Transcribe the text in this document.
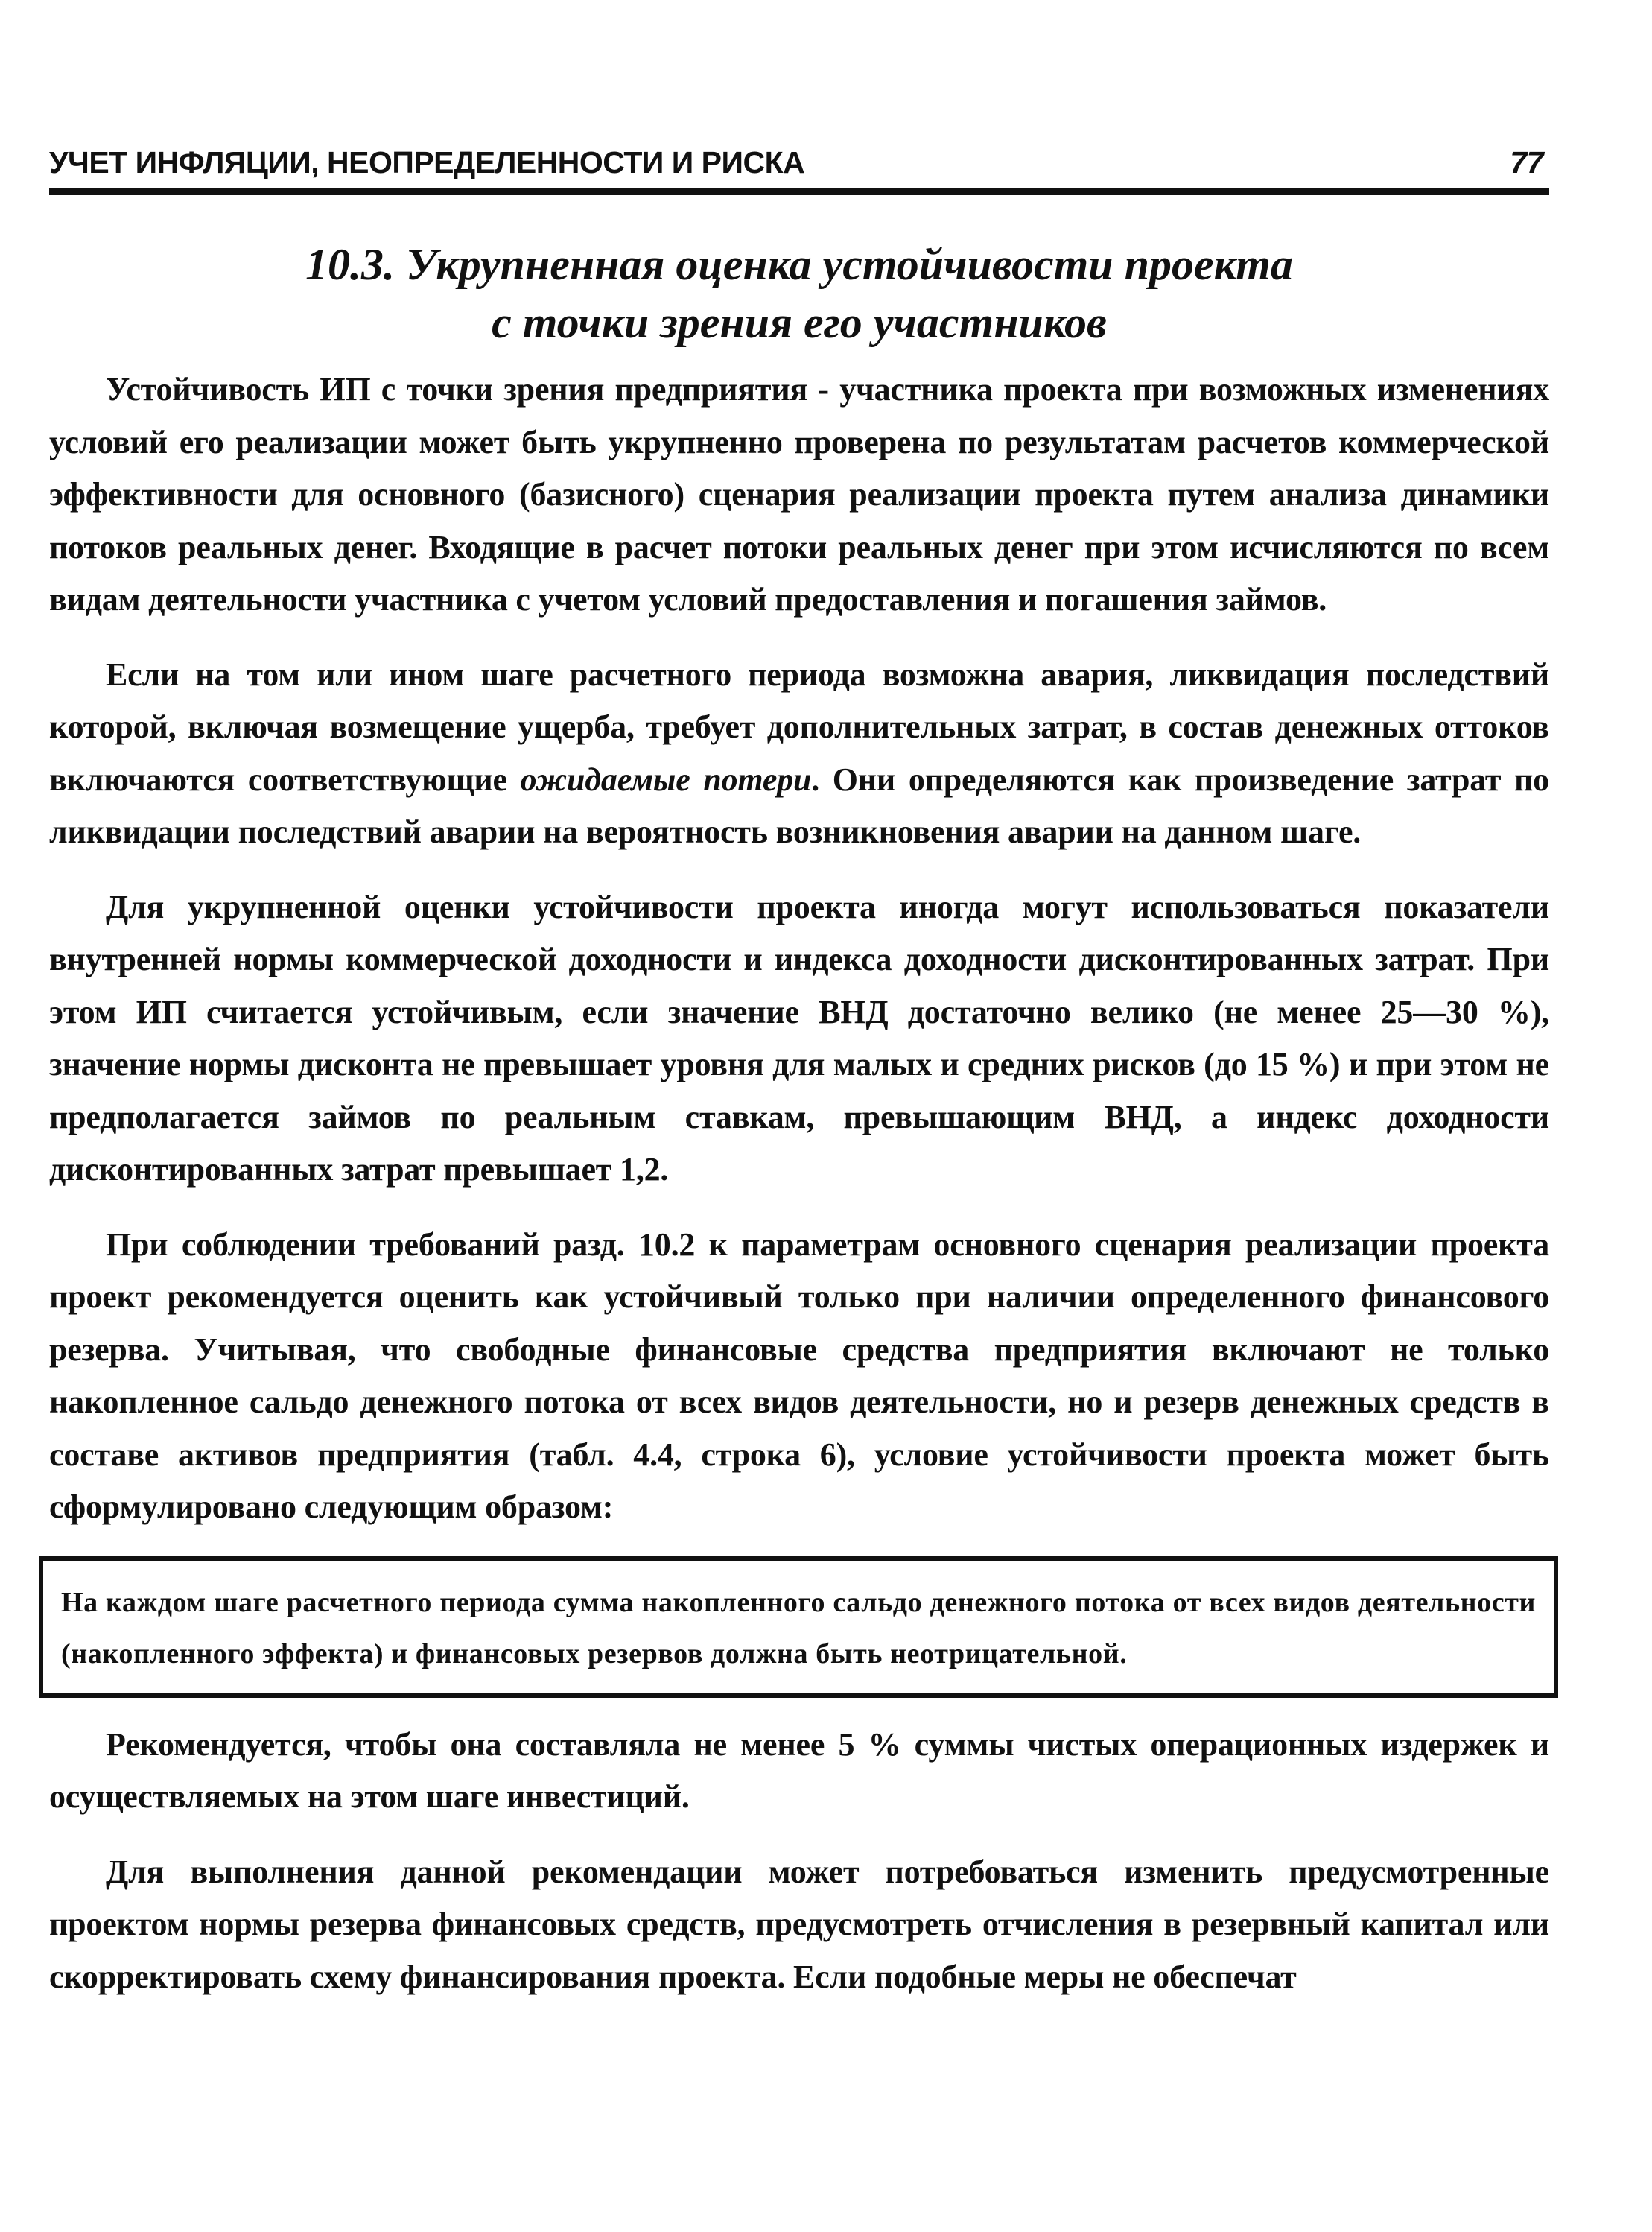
УЧЕТ ИНФЛЯЦИИ, НЕОПРЕДЕЛЕННОСТИ И РИСКА	77
10.3. Укрупненная оценка устойчивости проекта
с точки зрения его участников

Устойчивость ИП с точки зрения предприятия - участника проекта при возможных изменениях условий его реализации может быть укрупненно проверена по результатам расчетов коммерческой эффективности для основного (базисного) сценария реализации проекта путем анализа динамики потоков реальных денег. Входящие в расчет потоки реальных денег при этом исчисляются по всем видам деятельности участника с учетом условий предоставления и погашения займов.

Если на том или ином шаге расчетного периода возможна авария, ликвидация последствий которой, включая возмещение ущерба, требует дополнительных затрат, в состав денежных оттоков включаются соответствующие ожидаемые потери. Они определяются как произведение затрат по ликвидации последствий аварии на вероятность возникновения аварии на данном шаге.

Для укрупненной оценки устойчивости проекта иногда могут использоваться показатели внутренней нормы коммерческой доходности и индекса доходности дисконтированных затрат. При этом ИП считается устойчивым, если значение ВНД достаточно велико (не менее 25—30 %), значение нормы дисконта не превышает уровня для малых и средних рисков (до 15 %) и при этом не предполагается займов по реальным ставкам, превышающим ВНД, а индекс доходности дисконтированных затрат превышает 1,2.

При соблюдении требований разд. 10.2 к параметрам основного сценария реализации проекта проект рекомендуется оценить как устойчивый только при наличии определенного финансового резерва. Учитывая, что свободные финансовые средства предприятия включают не только накопленное сальдо денежного потока от всех видов деятельности, но и резерв денежных средств в составе активов предприятия (табл. 4.4, строка 6), условие устойчивости проекта может быть сформулировано следующим образом:

На каждом шаге расчетного периода сумма накопленного сальдо денежного потока от всех видов деятельности (накопленного эффекта) и финансовых резервов должна быть неотрицательной.

Рекомендуется, чтобы она составляла не менее 5 % суммы чистых операционных издержек и осуществляемых на этом шаге инвестиций.

Для выполнения данной рекомендации может потребоваться изменить предусмотренные проектом нормы резерва финансовых средств, предусмотреть отчисления в резервный капитал или скорректировать схему финансирования проекта. Если подобные меры не обеспечат
